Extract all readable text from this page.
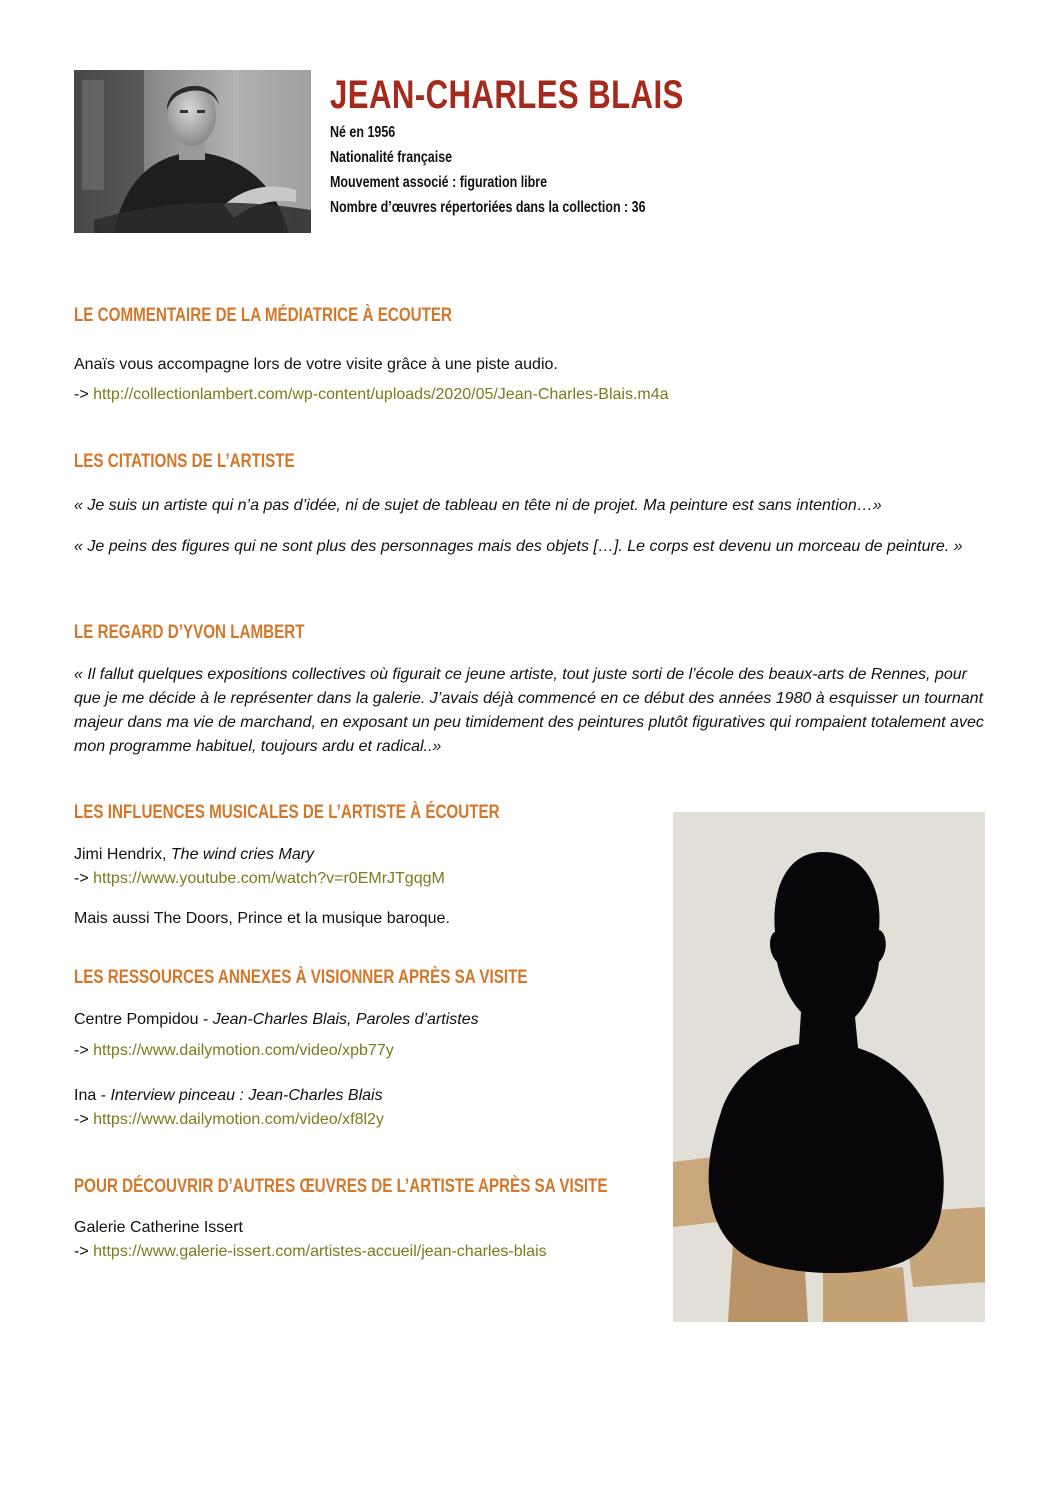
JEAN-CHARLES BLAIS
Né en 1956
Nationalité française
Mouvement associé : figuration libre
Nombre d’œuvres répertoriées dans la collection : 36
LE COMMENTAIRE DE LA MÉDIATRICE À ECOUTER
Anaïs vous accompagne lors de votre visite grâce à une piste audio.
-> http://collectionlambert.com/wp-content/uploads/2020/05/Jean-Charles-Blais.m4a
LES CITATIONS DE L’ARTISTE
« Je suis un artiste qui n’a pas d’idée, ni de sujet de tableau en tête ni de projet. Ma peinture est sans intention…»
« Je peins des figures qui ne sont plus des personnages mais des objets […]. Le corps est devenu un morceau de peinture. »
LE REGARD D’YVON LAMBERT
« Il fallut quelques expositions collectives où figurait ce jeune artiste, tout juste sorti de l’école des beaux-arts de Rennes, pour que je me décide à le représenter dans la galerie. J’avais déjà commencé en ce début des années 1980 à esquisser un tournant majeur dans ma vie de marchand, en exposant un peu timidement des peintures plutôt figuratives qui rompaient totalement avec mon programme habituel, toujours ardu et radical..»
LES INFLUENCES MUSICALES DE L’ARTISTE À ÉCOUTER
Jimi Hendrix, The wind cries Mary
-> https://www.youtube.com/watch?v=r0EMrJTgqgM
Mais aussi The Doors, Prince et la musique baroque.
LES RESSOURCES ANNEXES À VISIONNER APRÈS SA VISITE
Centre Pompidou - Jean-Charles Blais, Paroles d’artistes
-> https://www.dailymotion.com/video/xpb77y
Ina - Interview pinceau : Jean-Charles Blais
-> https://www.dailymotion.com/video/xf8l2y
POUR DÉCOUVRIR D’AUTRES ŒUVRES DE L’ARTISTE APRÈS SA VISITE
Galerie Catherine Issert
-> https://www.galerie-issert.com/artistes-accueil/jean-charles-blais
